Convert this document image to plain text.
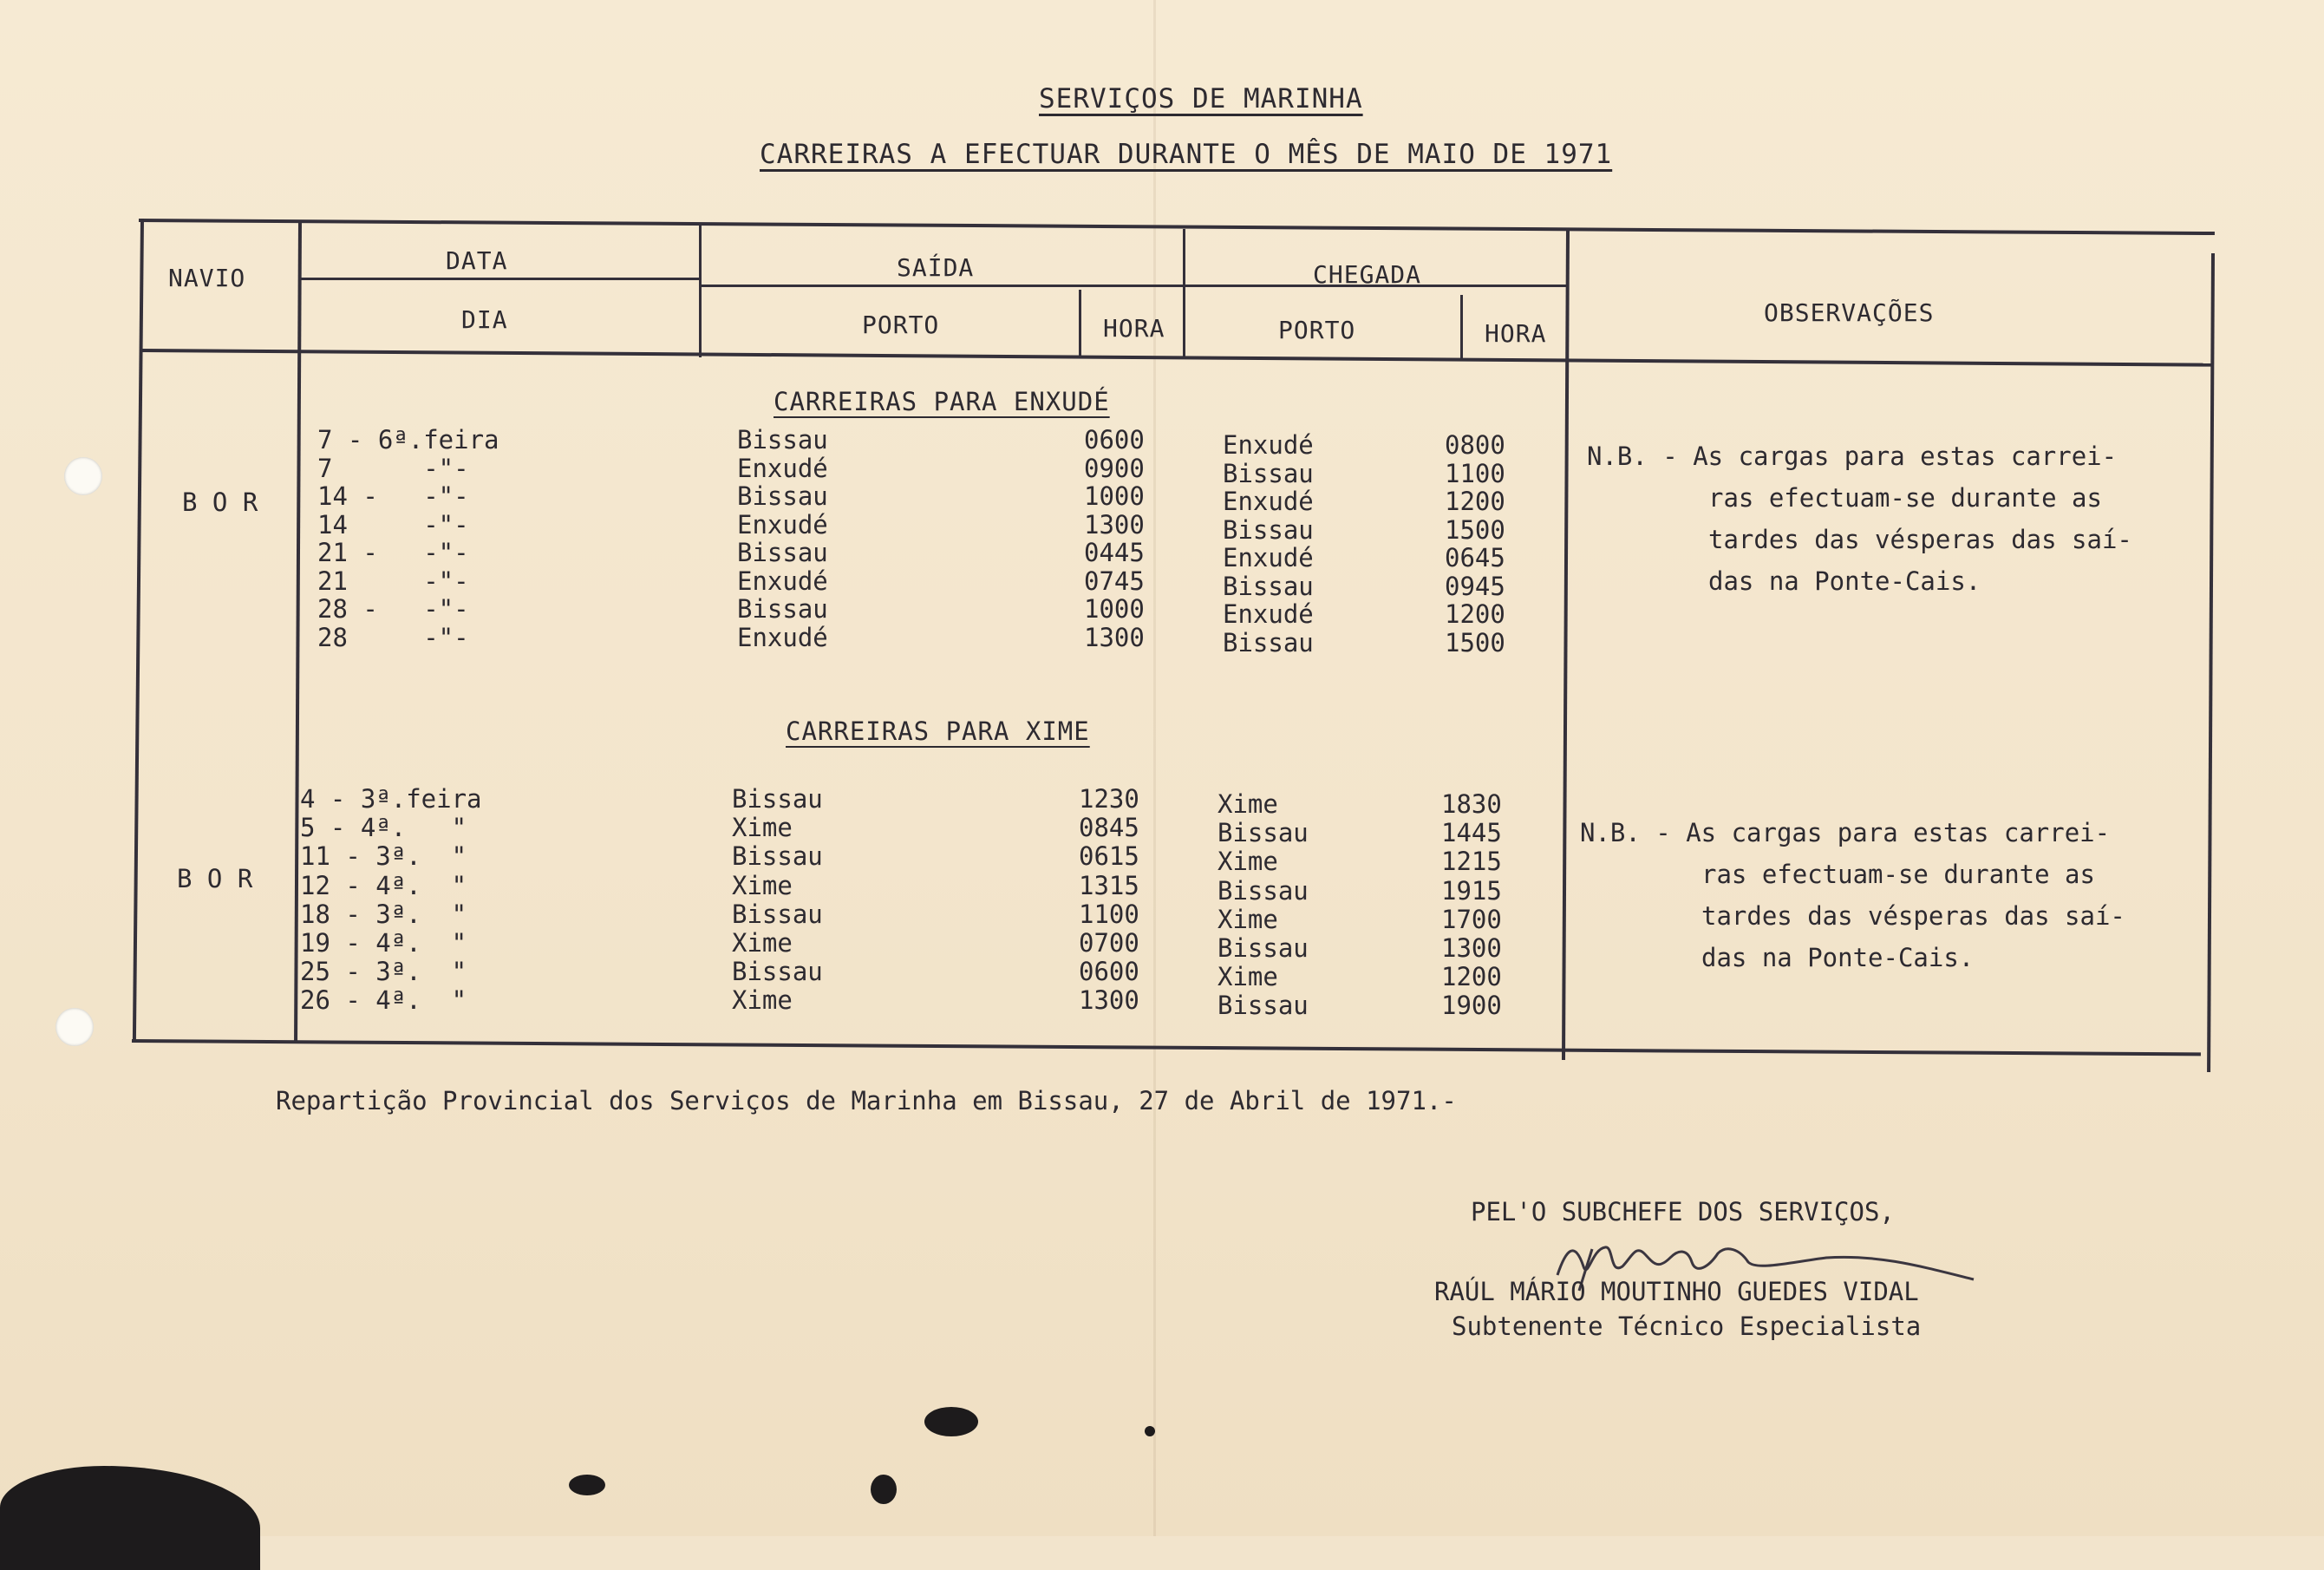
SERVIÇOS DE MARINHA
CARREIRAS A EFECTUAR DURANTE O MÊS DE MAIO DE 1971
NAVIO
DATA
DIA
SAÍDA
PORTO	HORA
CHEGADA
PORTO	HORA
OBSERVAÇÕES
CARREIRAS PARA ENXUDÉ
CARREIRAS PARA XIME
B O R
B O R
7 - 6ª.feira	Bissau	0600	Enxudé	0800
7      -"-	Enxudé	0900	Bissau	1100
14 -   -"-	Bissau	1000	Enxudé	1200
14     -"-	Enxudé	1300	Bissau	1500
21 -   -"-	Bissau	0445	Enxudé	0645
21     -"-	Enxudé	0745	Bissau	0945
28 -   -"-	Bissau	1000	Enxudé	1200
28     -"-	Enxudé	1300	Bissau	1500
4 - 3ª.feira	Bissau	1230	Xime	1830
5 - 4ª.   "	Xime	0845	Bissau	1445
11 - 3ª.  "	Bissau	0615	Xime	1215
12 - 4ª.  "	Xime	1315	Bissau	1915
18 - 3ª.  "	Bissau	1100	Xime	1700
19 - 4ª.  "	Xime	0700	Bissau	1300
25 - 3ª.  "	Bissau	0600	Xime	1200
26 - 4ª.  "	Xime	1300	Bissau	1900
N.B. - As cargas para estas carrei-
ras efectuam-se durante as
tardes das vésperas das saí-
das na Ponte-Cais.
N.B. - As cargas para estas carrei-
ras efectuam-se durante as
tardes das vésperas das saí-
das na Ponte-Cais.
Repartição Provincial dos Serviços de Marinha em Bissau, 27 de Abril de 1971.-
PEL'O SUBCHEFE DOS SERVIÇOS,
RAÚL MÁRIO MOUTINHO GUEDES VIDAL
Subtenente Técnico Especialista
